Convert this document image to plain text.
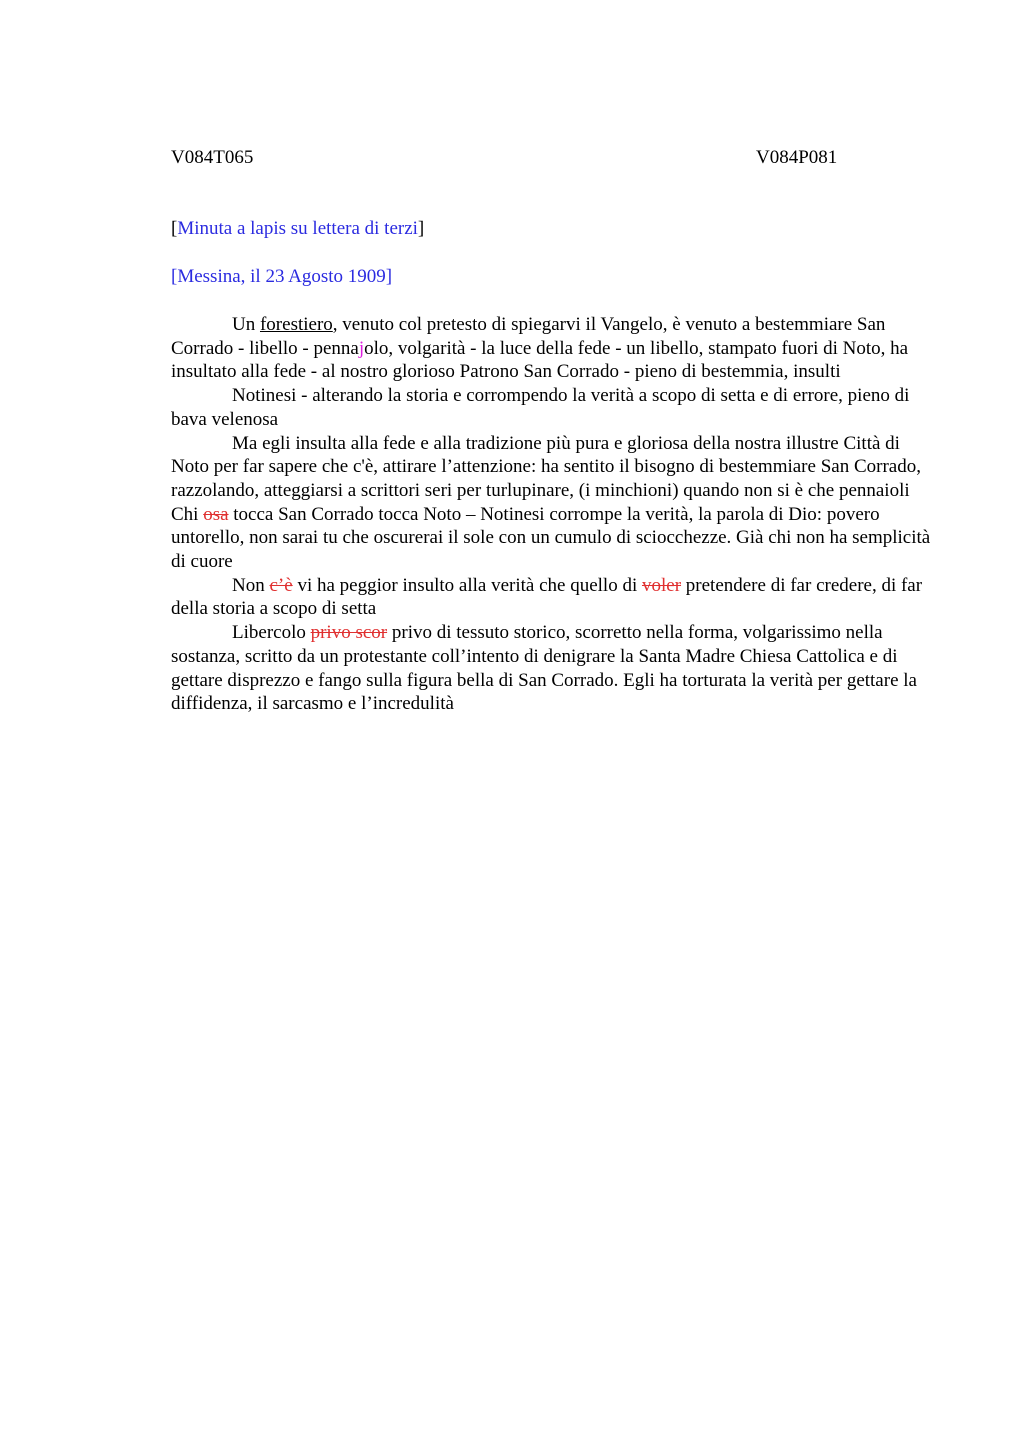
V084T065	V084P081
[Minuta a lapis su lettera di terzi]
[Messina, il 23 Agosto 1909]

Un forestiero, venuto col pretesto di spiegarvi il Vangelo, è venuto a bestemmiare San Corrado - libello - pennajolo, volgarità - la luce della fede - un libello, stampato fuori di Noto, ha insultato alla fede - al nostro glorioso Patrono San Corrado - pieno di bestemmia, insulti

Notinesi - alterando la storia e corrompendo la verità a scopo di setta e di errore, pieno di bava velenosa

Ma egli insulta alla fede e alla tradizione più pura e gloriosa della nostra illustre Città di Noto per far sapere che c'è, attirare l’attenzione: ha sentito il bisogno di bestemmiare San Corrado, razzolando, atteggiarsi a scrittori seri per turlupinare, (i minchioni) quando non si è che pennaioli Chi osa tocca San Corrado tocca Noto – Notinesi corrompe la verità, la parola di Dio: povero untorello, non sarai tu che oscurerai il sole con un cumulo di sciocchezze. Già chi non ha semplicità di cuore

Non c’è vi ha peggior insulto alla verità che quello di voler pretendere di far credere, di far della storia a scopo di setta

Libercolo privo scor privo di tessuto storico, scorretto nella forma, volgarissimo nella sostanza, scritto da un protestante coll’intento di denigrare la Santa Madre Chiesa Cattolica e di gettare disprezzo e fango sulla figura bella di San Corrado. Egli ha torturata la verità per gettare la diffidenza, il sarcasmo e l’incredulità
